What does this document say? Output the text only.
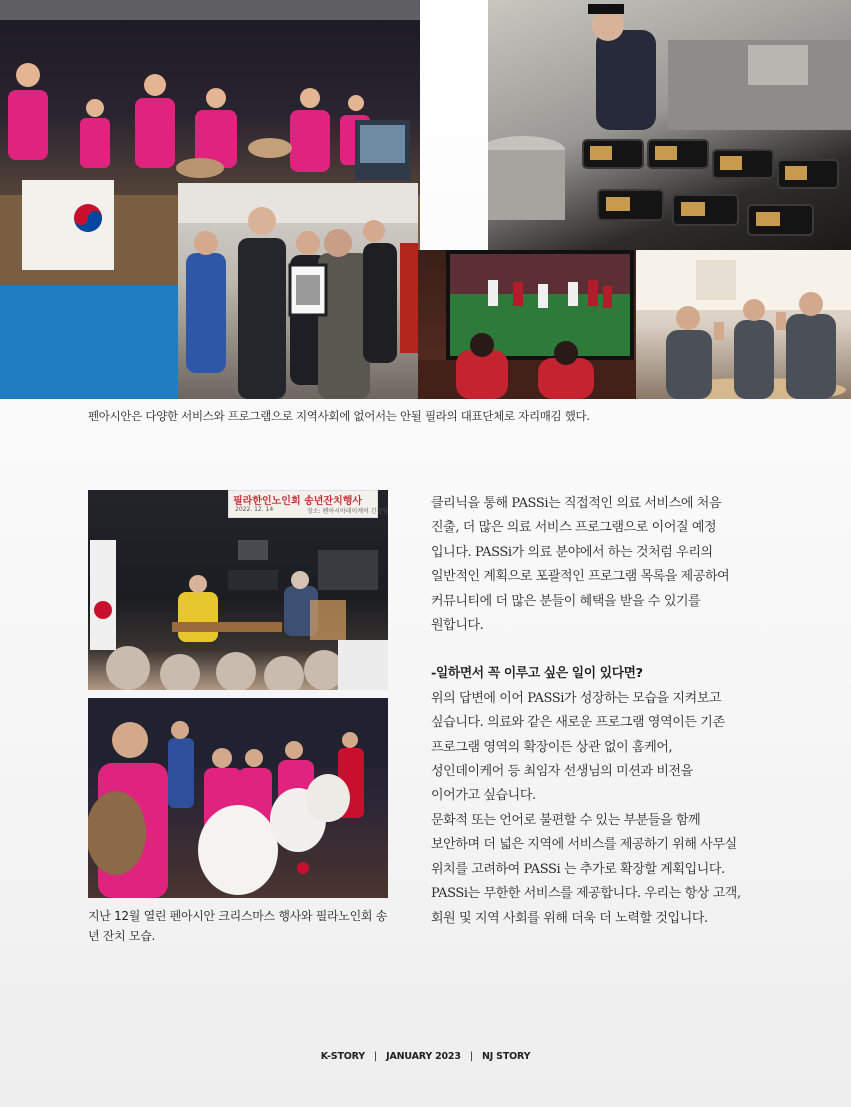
펜아시안은 다양한 서비스와 프로그램으로 지역사회에 없어서는 안될 필라의 대표단체로 자리매김 했다.
필라한인노인회 송년잔치행사
2022. 12. 14	장소: 펜아시아데이케어 긴강당
지난 12월 열린 펜아시안 크리스마스 행사와 필라노인회 송년 잔치 모습.

클리닉을 통해 PASSi는 직접적인 의료 서비스에 처음

진출, 더 많은 의료 서비스 프로그램으로 이어질 예정

입니다. PASSi가 의료 분야에서 하는 것처럼 우리의

일반적인 계획으로 포괄적인 프로그램 목록을 제공하여

커뮤니티에 더 많은 분들이 혜택을 받을 수 있기를

원합니다.

-일하면서 꼭 이루고 싶은 일이 있다면?

위의 답변에 이어 PASSi가 성장하는 모습을 지켜보고

싶습니다. 의료와 같은 새로운 프로그램 영역이든 기존

프로그램 영역의 확장이든 상관 없이 홈케어,

성인데이케어 등 최임자 선생님의 미션과 비전을

이어가고 싶습니다.

문화적 또는 언어로 불편할 수 있는 부분들을 함께

보안하며 더 넓은 지역에 서비스를 제공하기 위해 사무실

위치를 고려하여 PASSi 는 추가로 확장할 계획입니다.

PASSi는 무한한 서비스를 제공합니다. 우리는 항상 고객,

회원 및 지역 사회를 위해 더욱 더 노력할 것입니다.

K-STORY | JANUARY 2023 | NJ STORY
